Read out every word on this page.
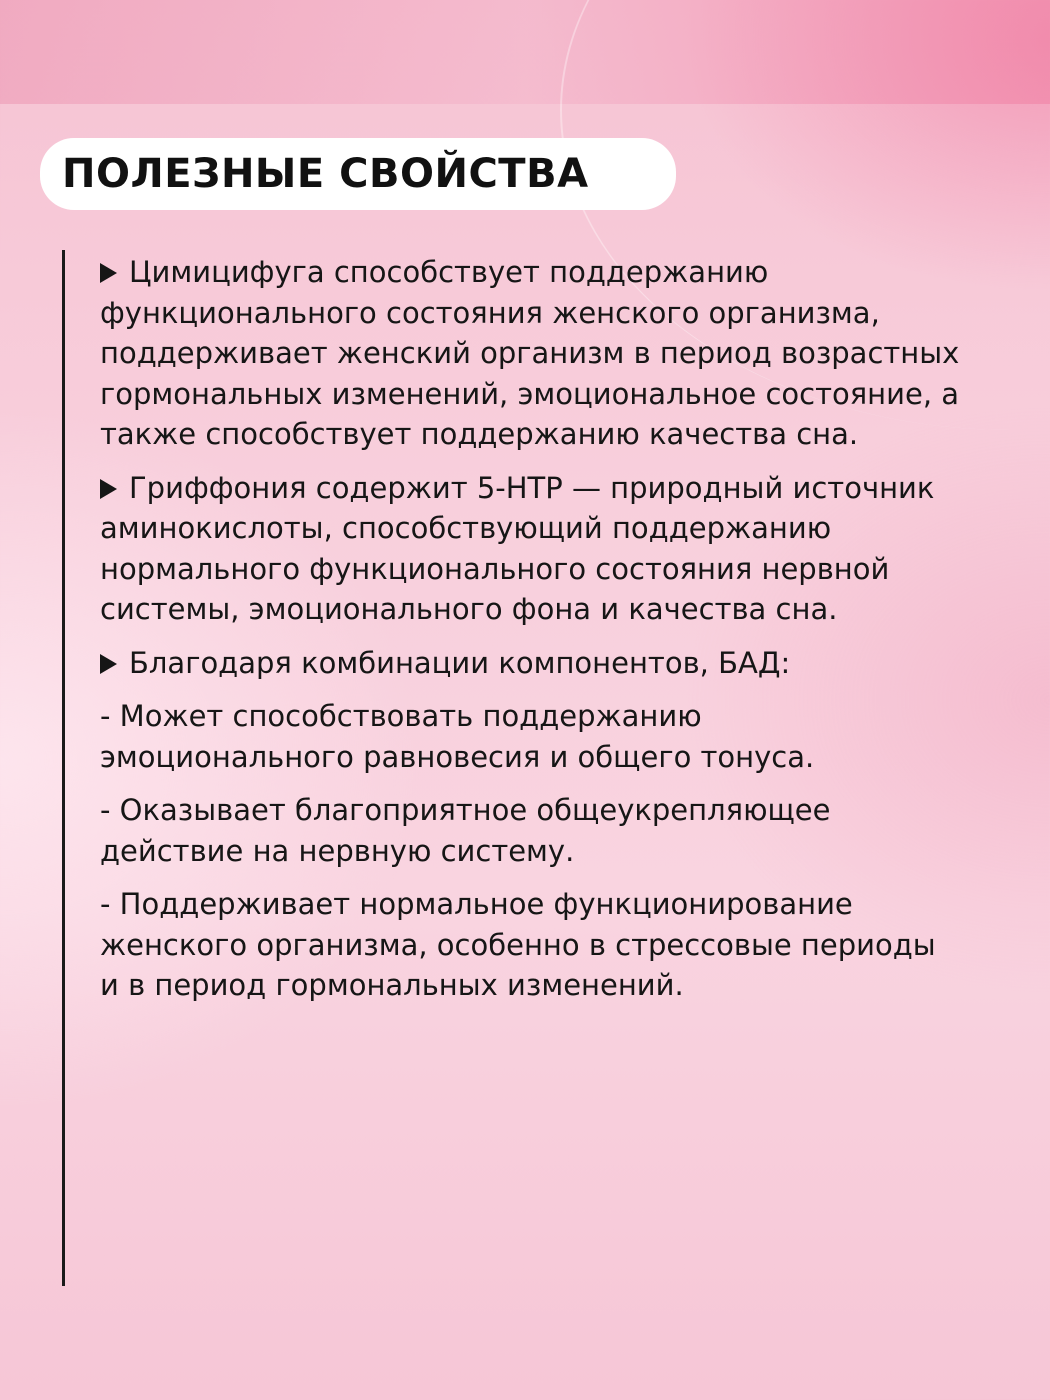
ПОЛЕЗНЫЕ СВОЙСТВА

Цимицифуга способствует поддержанию функционального состояния женского организма, поддерживает женский организм в период возрастных гормональных изменений, эмоциональное состояние, а также способствует поддержанию качества сна.

Гриффония содержит 5-HTP — природный источник аминокислоты, способствующий поддержанию нормального функционального состояния нервной системы, эмоционального фона и качества сна.

Благодаря комбинации компонентов, БАД:

- Может способствовать поддержанию эмоционального равновесия и общего тонуса.

- Оказывает благоприятное общеукрепляющее действие на нервную систему.

- Поддерживает нормальное функционирование женского организма, особенно в стрессовые периоды и в период гормональных изменений.
